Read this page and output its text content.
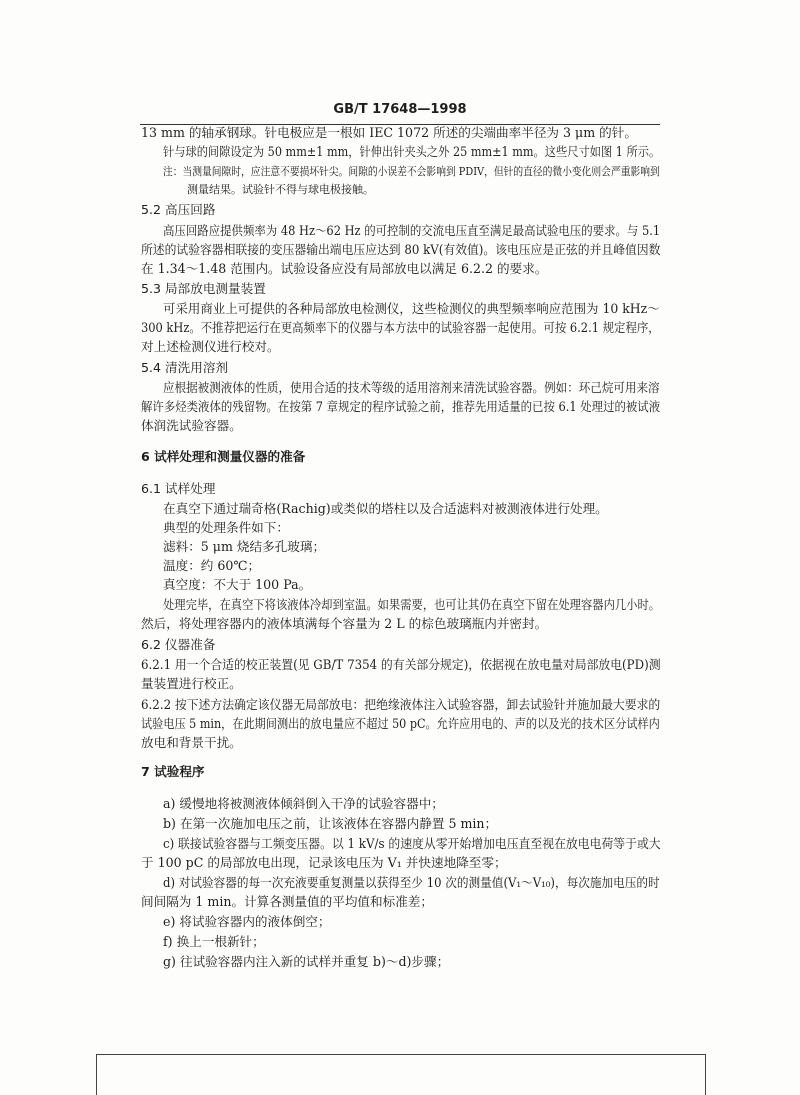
GB/T 17648—1998
13 mm 的轴承钢球。针电极应是一根如 IEC 1072 所述的尖端曲率半径为 3 μm 的针。
针与球的间隙设定为 50 mm±1 mm，针伸出针夹头之外 25 mm±1 mm。这些尺寸如图 1 所示。
注：当测量间隙时，应注意不要损坏针尖。间隙的小误差不会影响到 PDIV，但针的直径的微小变化则会严重影响到
测量结果。试验针不得与球电极接触。
5.2 高压回路
高压回路应提供频率为 48 Hz～62 Hz 的可控制的交流电压直至满足最高试验电压的要求。与 5.1
所述的试验容器相联接的变压器输出端电压应达到 80 kV(有效值)。该电压应是正弦的并且峰值因数
在 1.34～1.48 范围内。试验设备应没有局部放电以满足 6.2.2 的要求。
5.3 局部放电测量装置
可采用商业上可提供的各种局部放电检测仪，这些检测仪的典型频率响应范围为 10 kHz～
300 kHz。不推荐把运行在更高频率下的仪器与本方法中的试验容器一起使用。可按 6.2.1 规定程序，
对上述检测仪进行校对。
5.4 清洗用溶剂
应根据被测液体的性质，使用合适的技术等级的适用溶剂来清洗试验容器。例如：环己烷可用来溶
解许多烃类液体的残留物。在按第 7 章规定的程序试验之前，推荐先用适量的已按 6.1 处理过的被试液
体润洗试验容器。
6 试样处理和测量仪器的准备
6.1 试样处理
在真空下通过瑞奇格(Rachig)或类似的塔柱以及合适滤料对被测液体进行处理。
典型的处理条件如下：
滤料：5 μm 烧结多孔玻璃；
温度：约 60℃；
真空度：不大于 100 Pa。
处理完毕，在真空下将该液体冷却到室温。如果需要，也可让其仍在真空下留在处理容器内几小时。
然后，将处理容器内的液体填满每个容量为 2 L 的棕色玻璃瓶内并密封。
6.2 仪器准备
6.2.1 用一个合适的校正装置(见 GB/T 7354 的有关部分规定)，依据视在放电量对局部放电(PD)测
量装置进行校正。
6.2.2 按下述方法确定该仪器无局部放电：把绝缘液体注入试验容器，卸去试验针并施加最大要求的
试验电压 5 min，在此期间测出的放电量应不超过 50 pC。允许应用电的、声的以及光的技术区分试样内
放电和背景干扰。
7 试验程序
a) 缓慢地将被测液体倾斜倒入干净的试验容器中；
b) 在第一次施加电压之前，让该液体在容器内静置 5 min；
c) 联接试验容器与工频变压器。以 1 kV/s 的速度从零开始增加电压直至视在放电电荷等于或大
于 100 pC 的局部放电出现，记录该电压为 V₁ 并快速地降至零；
d) 对试验容器的每一次充液要重复测量以获得至少 10 次的测量值(V₁～V₁₀)，每次施加电压的时
间间隔为 1 min。计算各测量值的平均值和标准差；
e) 将试验容器内的液体倒空；
f) 换上一根新针；
g) 往试验容器内注入新的试样并重复 b)～d)步骤；
